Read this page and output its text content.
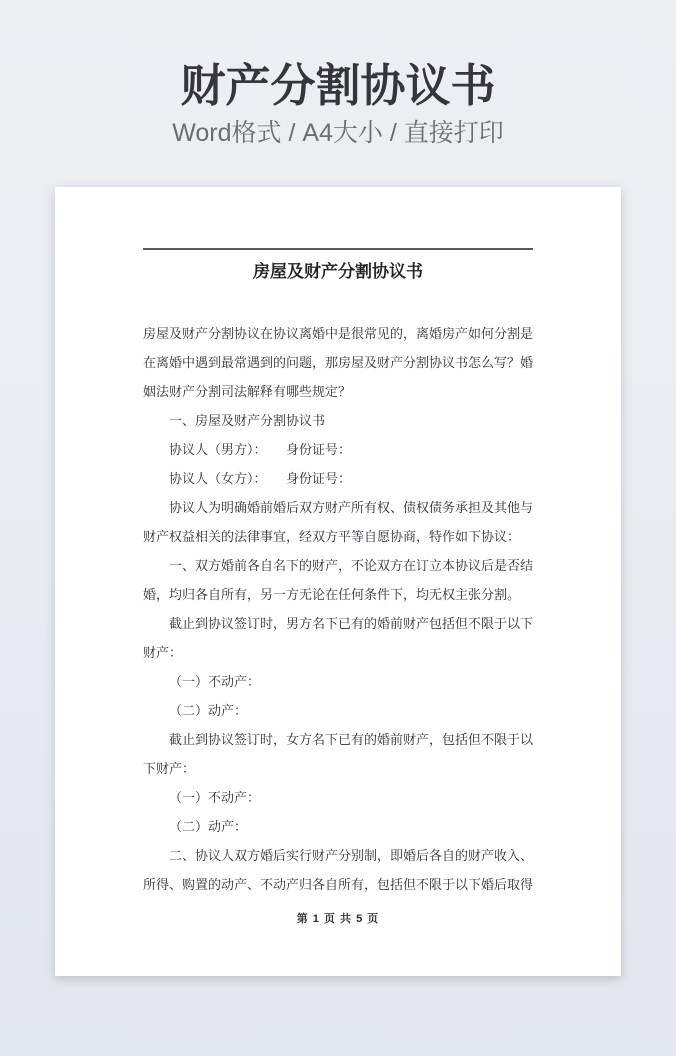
财产分割协议书
Word格式 / A4大小 / 直接打印
房屋及财产分割协议书

房屋及财产分割协议在协议离婚中是很常见的，离婚房产如何分割是在离婚中遇到最常遇到的问题，那房屋及财产分割协议书怎么写？婚姻法财产分割司法解释有哪些规定？

一、房屋及财产分割协议书

协议人（男方）：　　身份证号：

协议人（女方）：　　身份证号：

协议人为明确婚前婚后双方财产所有权、债权债务承担及其他与财产权益相关的法律事宜，经双方平等自愿协商，特作如下协议：

一、双方婚前各自名下的财产，不论双方在订立本协议后是否结婚，均归各自所有，另一方无论在任何条件下，均无权主张分割。

截止到协议签订时，男方名下已有的婚前财产包括但不限于以下财产：

（一）不动产：

（二）动产：

截止到协议签订时，女方名下已有的婚前财产，包括但不限于以下财产：

（一）不动产：

（二）动产：

二、协议人双方婚后实行财产分别制，即婚后各自的财产收入、所得、购置的动产、不动产归各自所有，包括但不限于以下婚后取得

第 1 页 共 5 页
